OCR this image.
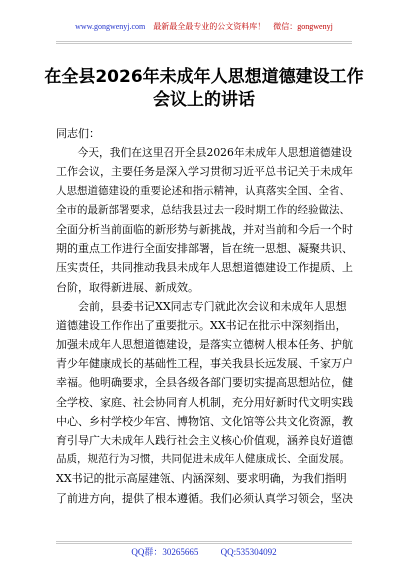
www.gongwenyj.com 最新最全最专业的公文资料库！ 微信：gongwenyj
在全县2026年未成年人思想道德建设工作
会议上的讲话
同志们：
　　今天，我们在这里召开全县2026年未成年人思想道德建设
工作会议，主要任务是深入学习贯彻习近平总书记关于未成年
人思想道德建设的重要论述和指示精神，认真落实全国、全省、
全市的最新部署要求，总结我县过去一段时期工作的经验做法、
全面分析当前面临的新形势与新挑战，并对当前和今后一个时
期的重点工作进行全面安排部署，旨在统一思想、凝聚共识、
压实责任，共同推动我县未成年人思想道德建设工作提质、上
台阶，取得新进展、新成效。
　　会前，县委书记XX同志专门就此次会议和未成年人思想
道德建设工作作出了重要批示。XX书记在批示中深刻指出，
加强未成年人思想道德建设，是落实立德树人根本任务、护航
青少年健康成长的基础性工程，事关我县长远发展、千家万户
幸福。他明确要求，全县各级各部门要切实提高思想站位，健
全学校、家庭、社会协同育人机制，充分用好新时代文明实践
中心、乡村学校少年宫、博物馆、文化馆等公共文化资源，教
育引导广大未成年人践行社会主义核心价值观，涵养良好道德
品质，规范行为习惯，共同促进未成年人健康成长、全面发展。
XX书记的批示高屋建瓴、内涵深刻、要求明确，为我们指明
了前进方向，提供了根本遵循。我们必须认真学习领会，坚决
QQ群：30265665 QQ:535304092
